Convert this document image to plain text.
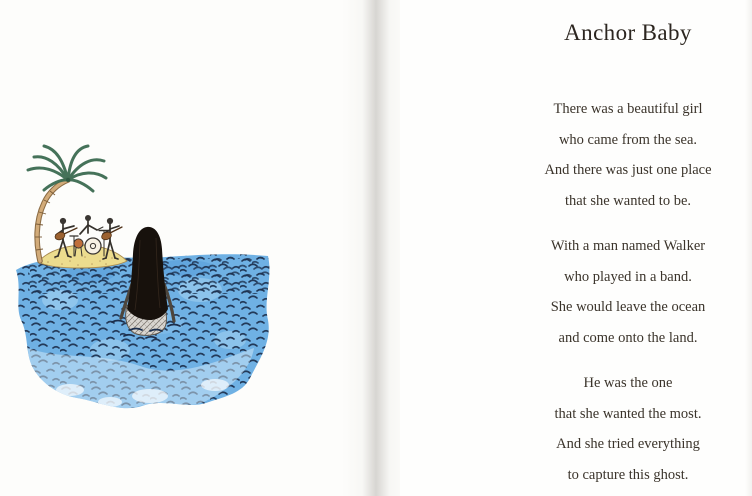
Anchor Baby

There was a beautiful girl

who came from the sea.

And there was just one place

that she wanted to be.

With a man named Walker

who played in a band.

She would leave the ocean

and come onto the land.

He was the one

that she wanted the most.

And she tried everything

to capture this ghost.
